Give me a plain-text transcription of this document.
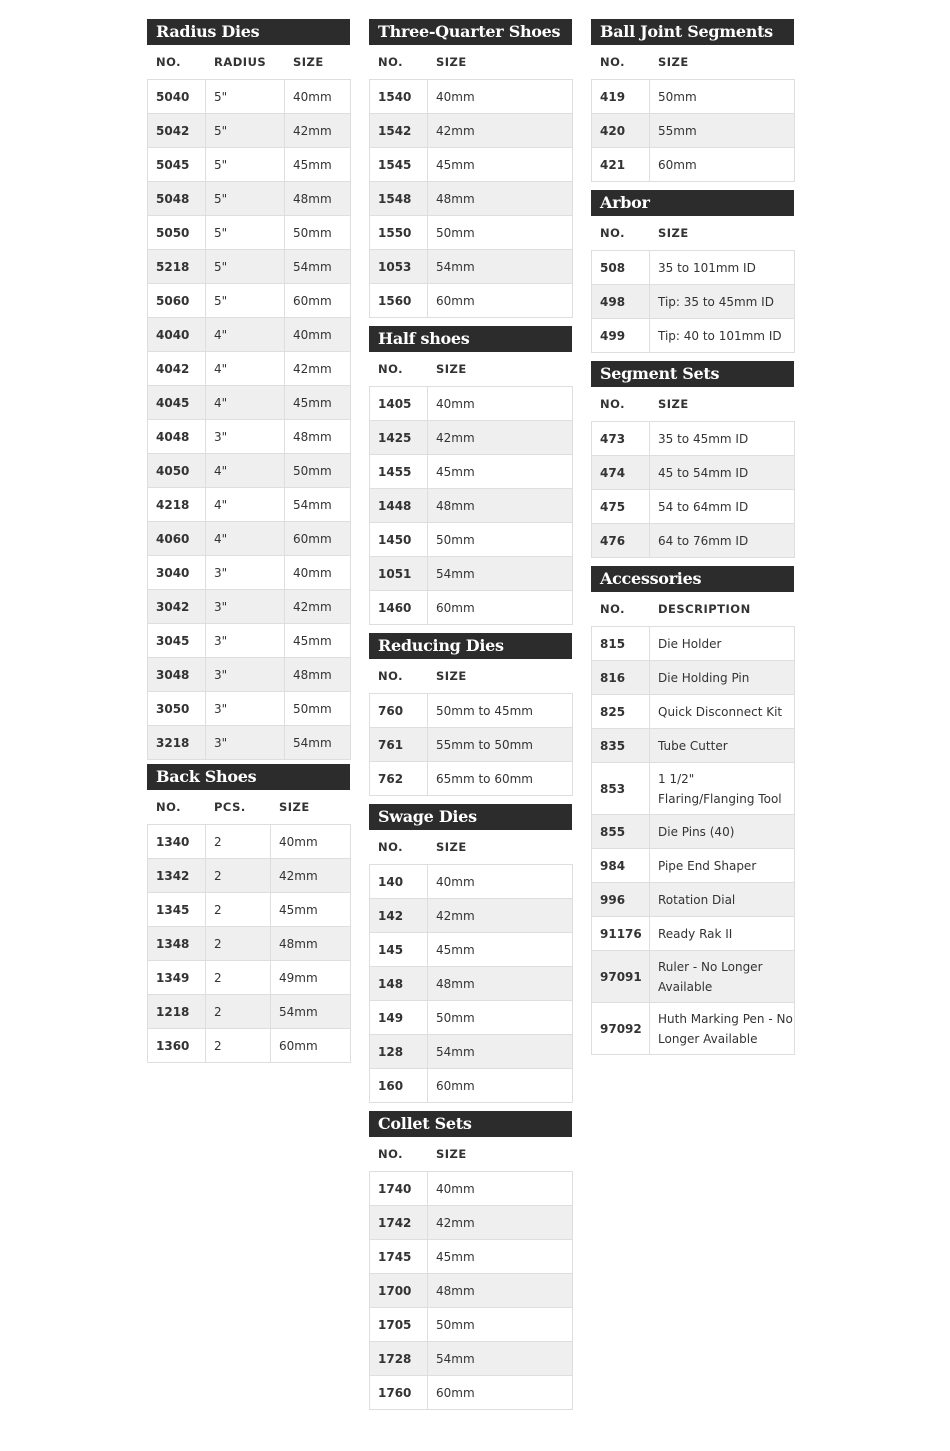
Radius Dies
NO.	RADIUS	SIZE
5040	5"	40mm
5042	5"	42mm
5045	5"	45mm
5048	5"	48mm
5050	5"	50mm
5218	5"	54mm
5060	5"	60mm
4040	4"	40mm
4042	4"	42mm
4045	4"	45mm
4048	3"	48mm
4050	4"	50mm
4218	4"	54mm
4060	4"	60mm
3040	3"	40mm
3042	3"	42mm
3045	3"	45mm
3048	3"	48mm
3050	3"	50mm
3218	3"	54mm
Back Shoes
NO.	PCS.	SIZE
1340	2	40mm
1342	2	42mm
1345	2	45mm
1348	2	48mm
1349	2	49mm
1218	2	54mm
1360	2	60mm
Three-Quarter Shoes
NO.	SIZE
1540	40mm
1542	42mm
1545	45mm
1548	48mm
1550	50mm
1053	54mm
1560	60mm
Half shoes
NO.	SIZE
1405	40mm
1425	42mm
1455	45mm
1448	48mm
1450	50mm
1051	54mm
1460	60mm
Reducing Dies
NO.	SIZE
760	50mm to 45mm
761	55mm to 50mm
762	65mm to 60mm
Swage Dies
NO.	SIZE
140	40mm
142	42mm
145	45mm
148	48mm
149	50mm
128	54mm
160	60mm
Collet Sets
NO.	SIZE
1740	40mm
1742	42mm
1745	45mm
1700	48mm
1705	50mm
1728	54mm
1760	60mm
Ball Joint Segments
NO.	SIZE
419	50mm
420	55mm
421	60mm
Arbor
NO.	SIZE
508	35 to 101mm ID
498	Tip: 35 to 45mm ID
499	Tip: 40 to 101mm ID
Segment Sets
NO.	SIZE
473	35 to 45mm ID
474	45 to 54mm ID
475	54 to 64mm ID
476	64 to 76mm ID
Accessories
NO.	DESCRIPTION
815	Die Holder
816	Die Holding Pin
825	Quick Disconnect Kit
835	Tube Cutter
853	1 1/2" Flaring/Flanging Tool
855	Die Pins (40)
984	Pipe End Shaper
996	Rotation Dial
91176	Ready Rak II
97091	Ruler - No Longer Available
97092	Huth Marking Pen - No Longer Available
